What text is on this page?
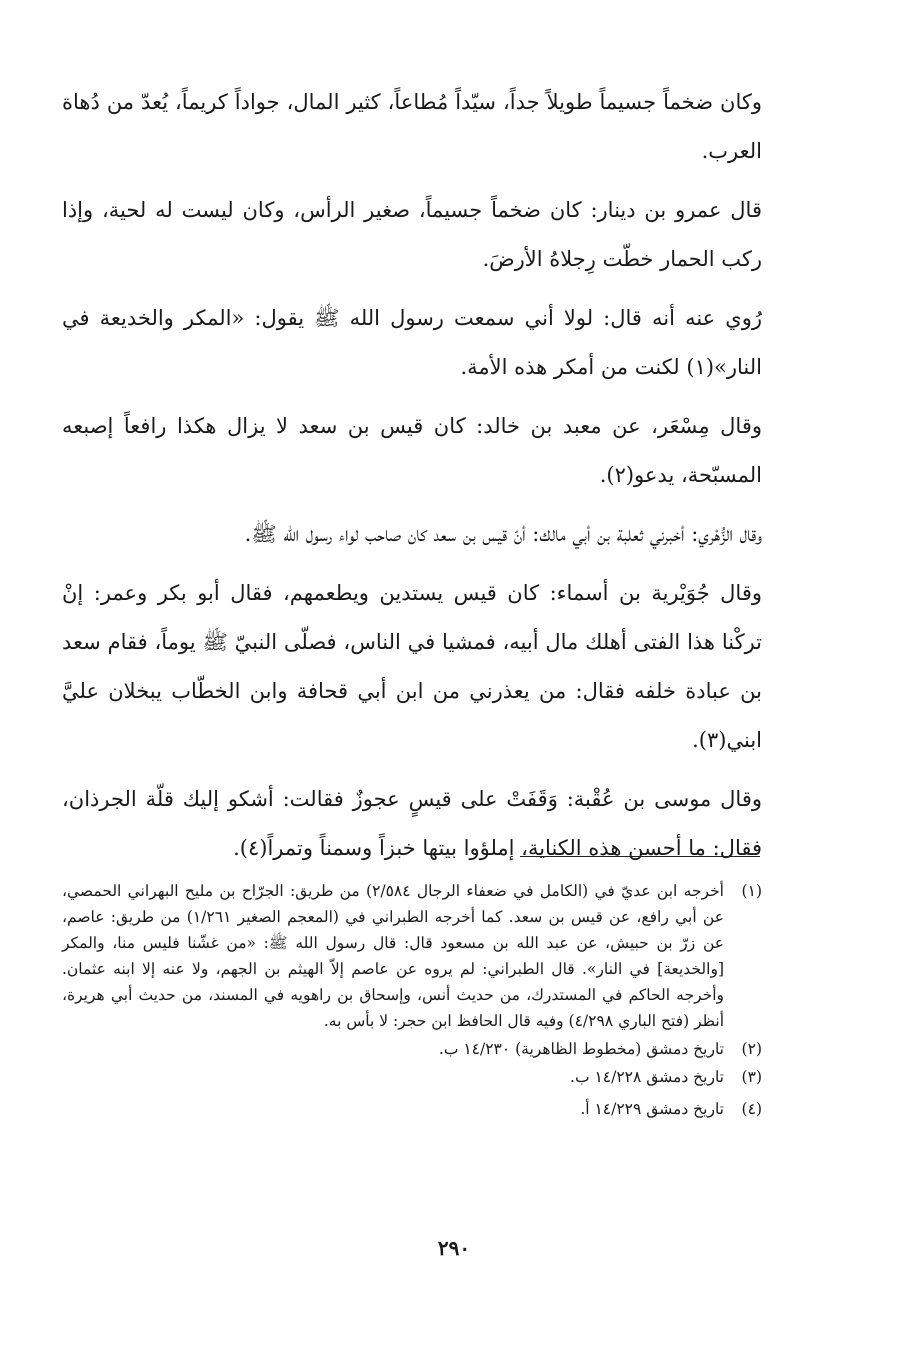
وكان ضخماً جسيماً طويلاً جداً، سيّداً مُطاعاً، كثير المال، جواداً كريماً، يُعدّ من دُهاة العرب.

قال عمرو بن دينار: كان ضخماً جسيماً، صغير الرأس، وكان ليست له لحية، وإذا ركب الحمار خطّت رِجلاهُ الأرضَ.

رُوي عنه أنه قال: لولا أني سمعت رسول الله ﷺ يقول: «المكر والخديعة في النار»(١) لكنت من أمكر هذه الأمة.

وقال مِسْعَر، عن معبد بن خالد: كان قيس بن سعد لا يزال هكذا رافعاً إصبعه المسبّحة، يدعو(٢).

وقال الزُّهْري: أخبرني ثعلبة بن أبي مالك: أنّ قيس بن سعد كان صاحب لواء رسول الله ﷺ.

وقال جُوَيْرية بن أسماء: كان قيس يستدين ويطعمهم، فقال أبو بكر وعمر: إنْ تركْنا هذا الفتى أهلك مال أبيه، فمشيا في الناس، فصلّى النبيّ ﷺ يوماً، فقام سعد بن عبادة خلفه فقال: من يعذرني من ابن أبي قحافة وابن الخطّاب يبخلان عليَّ ابني(٣).

وقال موسى بن عُقْبة: وَقَفَتْ على قيسٍ عجوزٌ فقالت: أشكو إليك قلّة الجرذان، فقال: ما أحسن هذه الكناية، إملؤوا بيتها خبزاً وسمناً وتمراً(٤).

(١)
أخرجه ابن عديّ في (الكامل في ضعفاء الرجال ٢/٥٨٤) من طريق: الجرّاح بن مليح البهراني الحمصي، عن أبي رافع، عن قيس بن سعد. كما أخرجه الطبراني في (المعجم الصغير ١/٢٦١) من طريق: عاصم، عن زرّ بن حبيش، عن عبد الله بن مسعود قال: قال رسول الله ﷺ: «من غشّنا فليس منا، والمكر [والخديعة] في النار». قال الطبراني: لم يروه عن عاصم إلاّ الهيثم بن الجهم، ولا عنه إلا ابنه عثمان. وأخرجه الحاكم في المستدرك، من حديث أنس، وإسحاق بن راهويه في المسند، من حديث أبي هريرة، أنظر (فتح الباري ٤/٢٩٨) وفيه قال الحافظ ابن حجر: لا بأس به.

(٢)
تاريخ دمشق (مخطوط الظاهرية) ١٤/٢٣٠ ب.

(٣)
تاريخ دمشق ١٤/٢٢٨ ب.

(٤)
تاريخ دمشق ١٤/٢٢٩ أ.

٢٩٠
